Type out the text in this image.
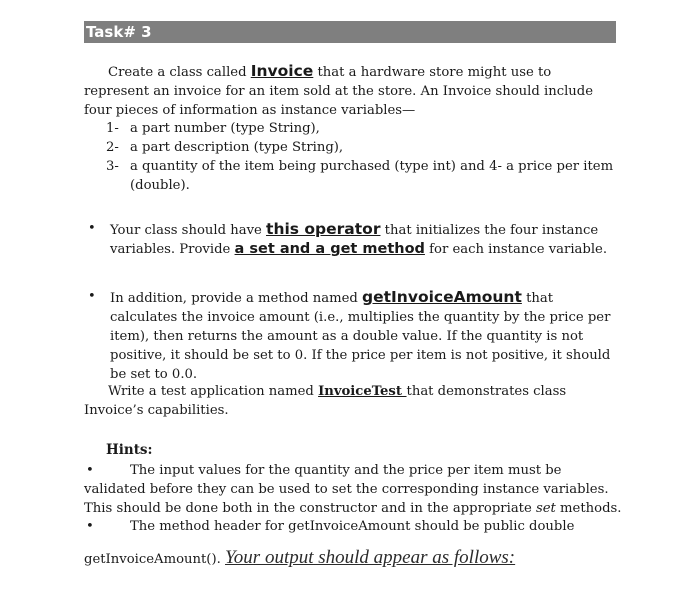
Task# 3
Create a class called Invoice that a hardware store might use to represent an invoice for an item sold at the store. An Invoice should include four pieces of information as instance variables—
1- a part number (type String),
2- a part description (type String),
3- a quantity of the item being purchased (type int) and 4- a price per item (double).
• Your class should have this operator that initializes the four instance variables. Provide a set and a get method for each instance variable.
• In addition, provide a method named getInvoiceAmount that calculates the invoice amount (i.e., multiplies the quantity by the price per item), then returns the amount as a double value. If the quantity is not positive, it should be set to 0. If the price per item is not positive, it should be set to 0.0.
Write a test application named InvoiceTest that demonstrates class Invoice’s capabilities.
Hints:
•	The input values for the quantity and the price per item must be validated before they can be used to set the corresponding instance variables. This should be done both in the constructor and in the appropriate set methods.
•	The method header for getInvoiceAmount should be public double
getInvoiceAmount(). Your output should appear as follows:
